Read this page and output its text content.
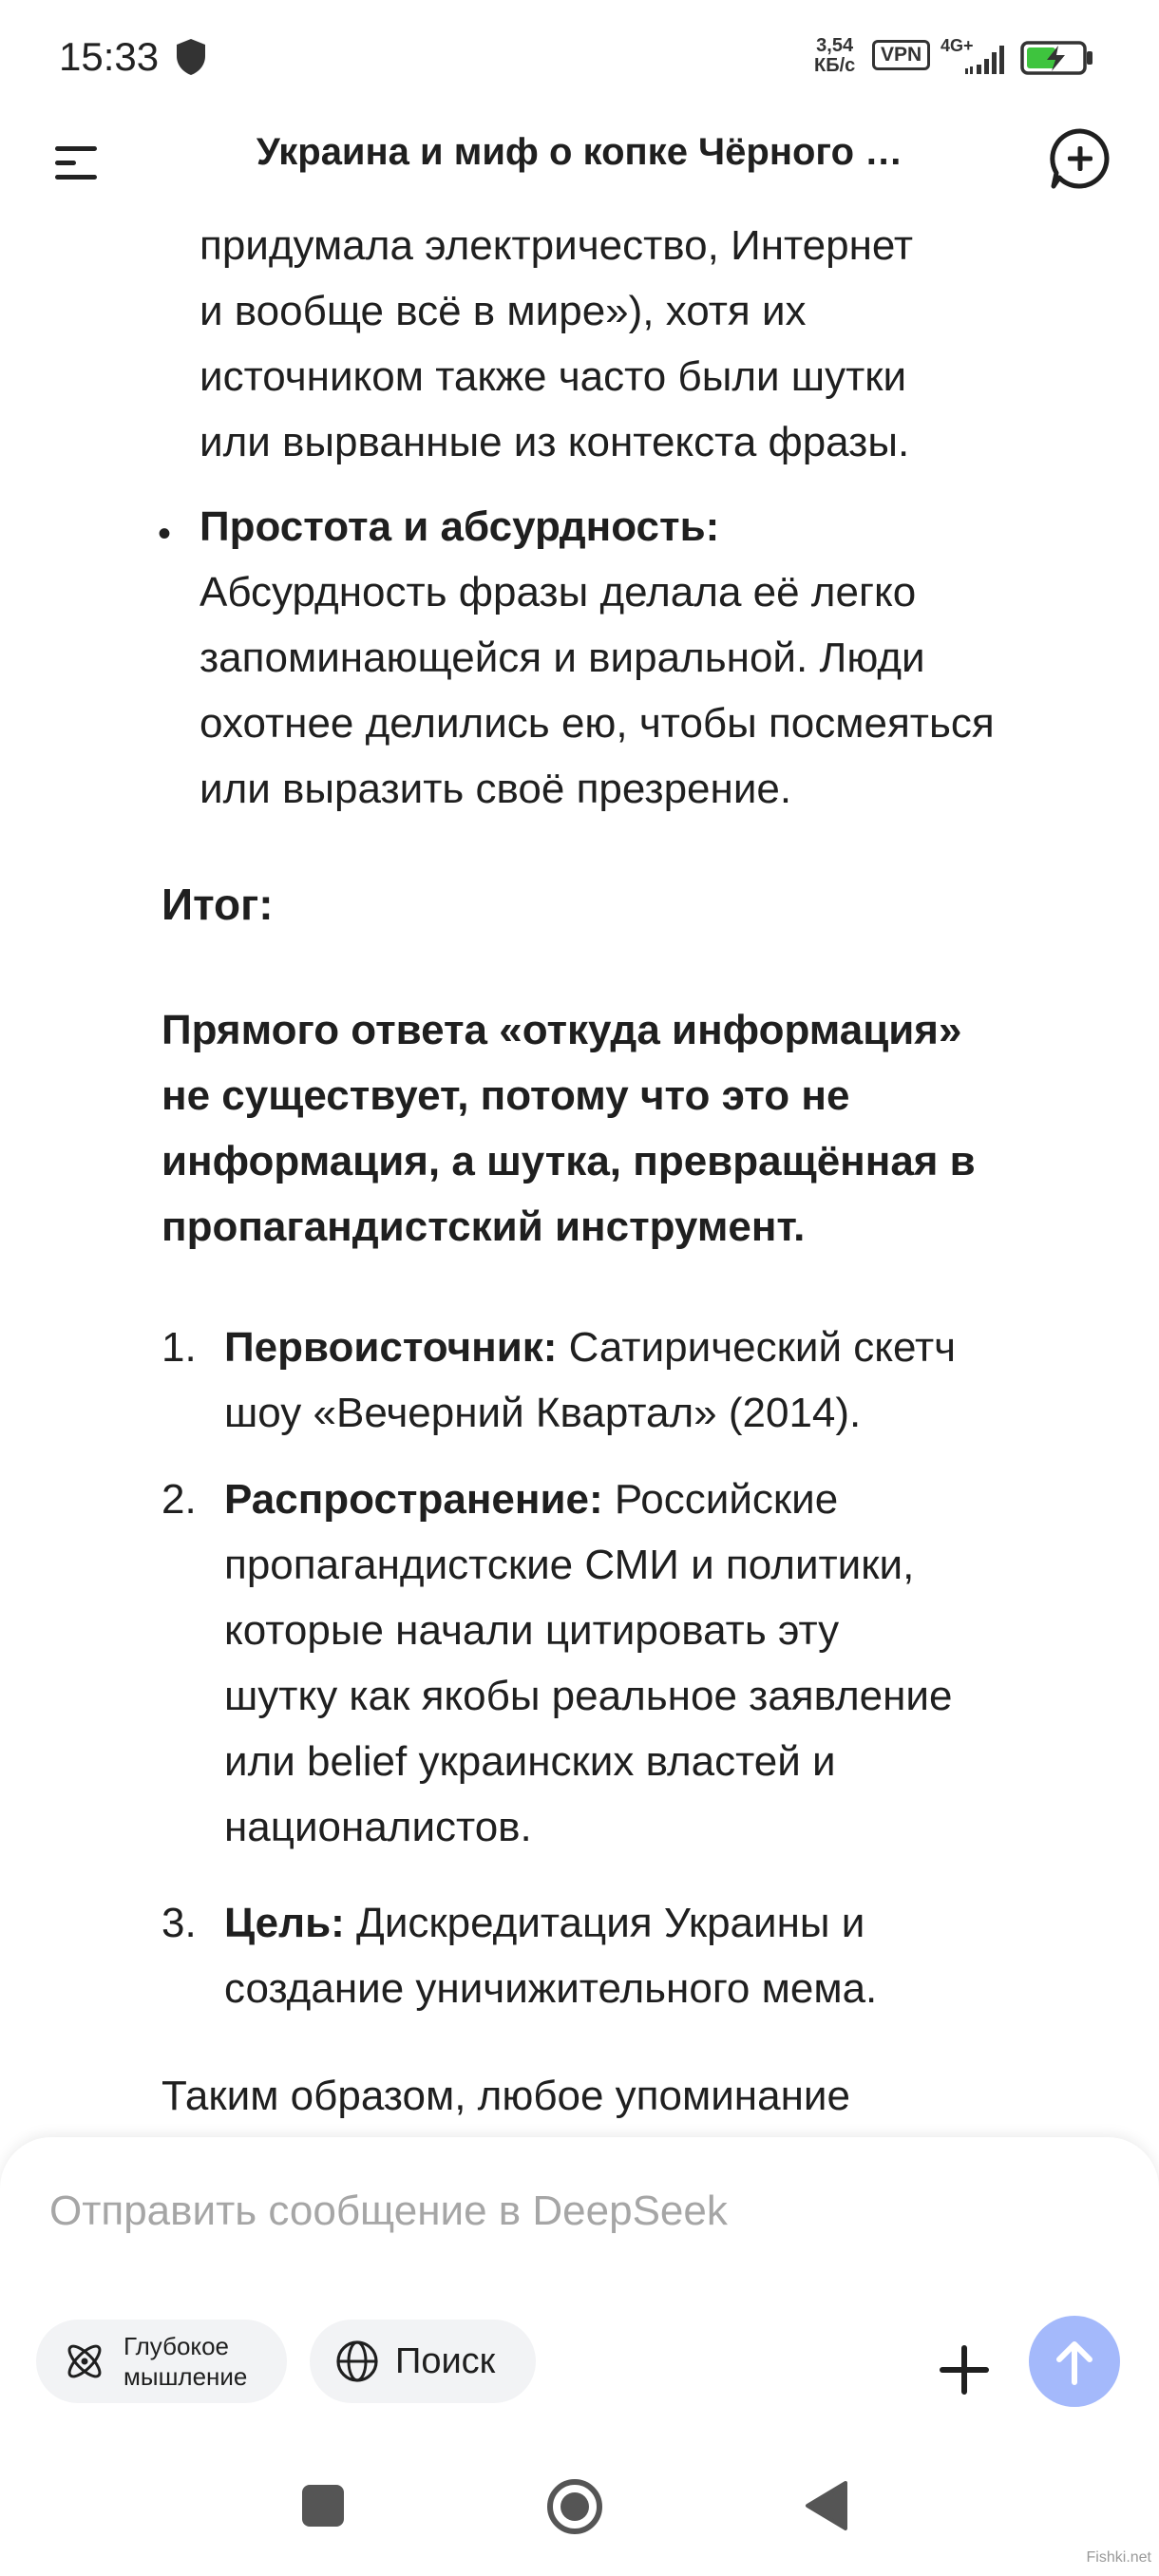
15:33	3,54
КБ/с	VPN	4G+
Украина и миф о копке Чёрного …
придумала электричество, Интернет
и вообще всё в мире»), хотя их
источником также часто были шутки
или вырванные из контекста фразы.
• Простота и абсурдность:
Абсурдность фразы делала её легко
запоминающейся и виральной. Люди
охотнее делились ею, чтобы посмеяться
или выразить своё презрение.
Итог:
Прямого ответа «откуда информация»
не существует, потому что это не
информация, а шутка, превращённая в
пропагандистский инструмент.
1. Первоисточник: Сатирический скетч
шоу «Вечерний Квартал» (2014).
2. Распространение: Российские
пропагандистские СМИ и политики,
которые начали цитировать эту
шутку как якобы реальное заявление
или belief украинских властей и
националистов.
3. Цель: Дискредитация Украины и
создание уничижительного мема.
Таким образом, любое упоминание
Отправить сообщение в DeepSeek
Глубокое
мышление	Поиск
Fishki.net
